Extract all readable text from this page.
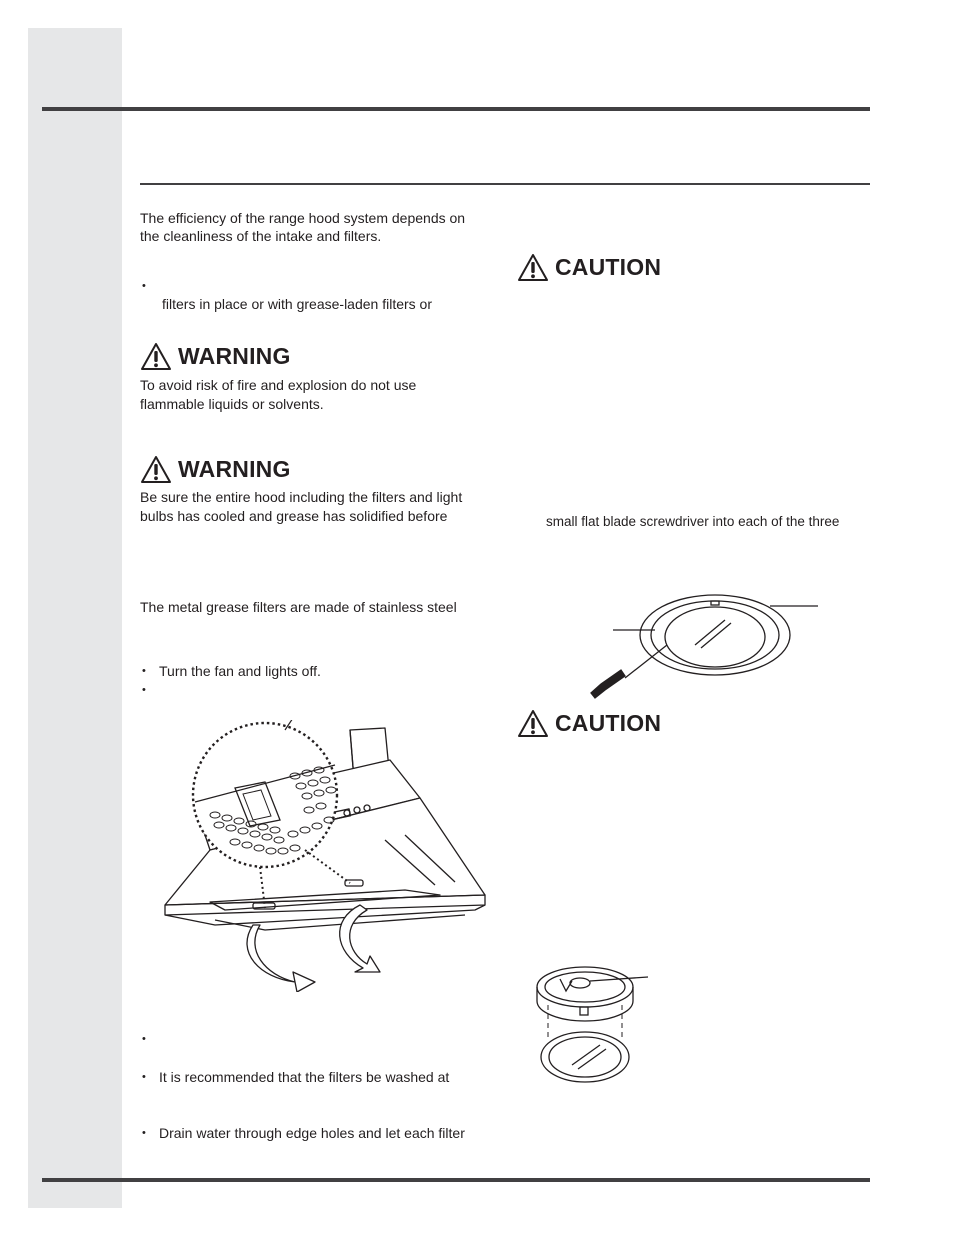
The efficiency of the range hood system depends on
the cleanliness of the intake and filters.
•
filters in place or with grease-laden filters or
WARNING
To avoid risk of fire and explosion do not use
flammable liquids or solvents.
WARNING
Be sure the entire hood including the filters and light
bulbs has cooled and grease has solidified before
The metal grease filters are made of stainless steel
• Turn the fan and lights off.
•
•
• It is recommended that the filters be washed at
• Drain water through edge holes and let each filter
CAUTION
small flat blade screwdriver into each of the three
CAUTION
